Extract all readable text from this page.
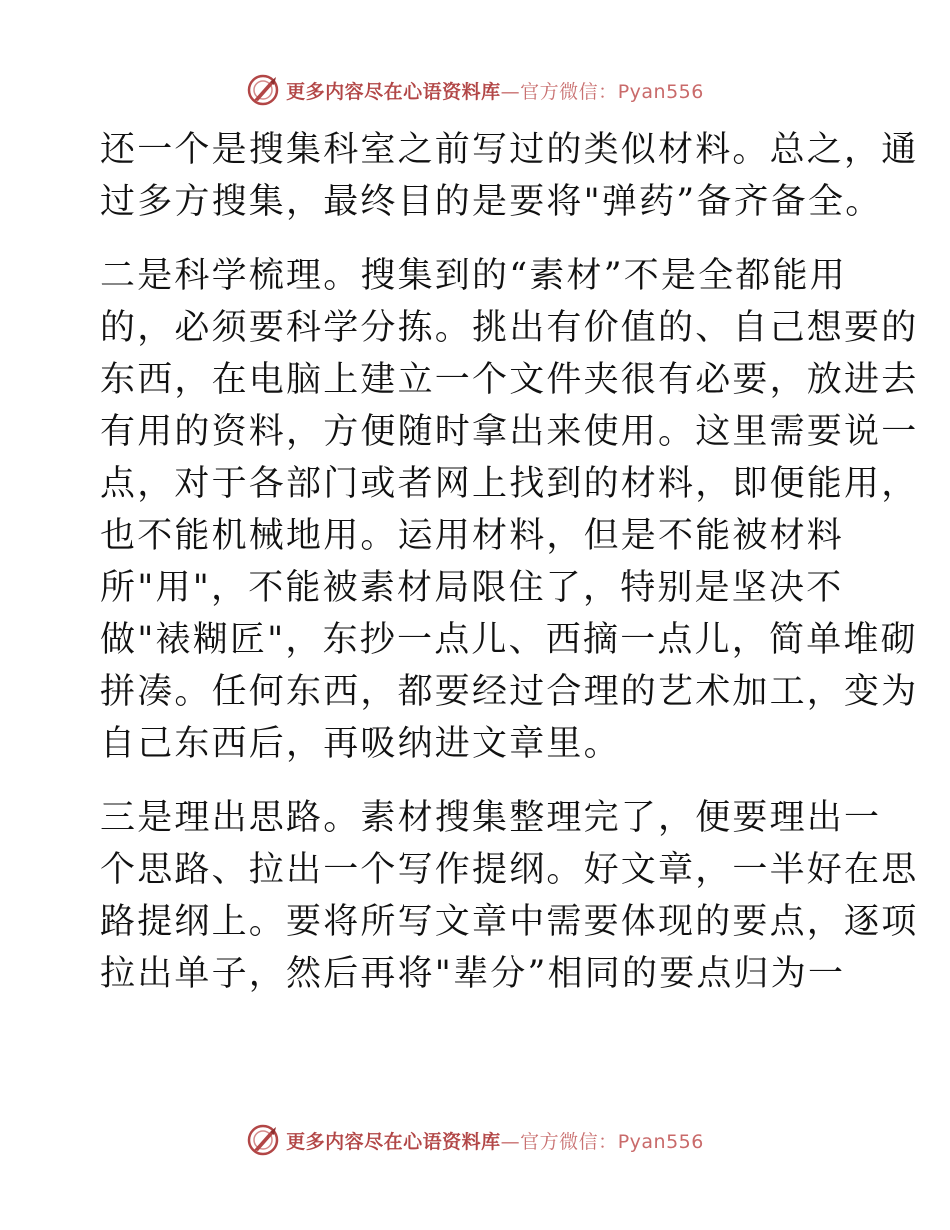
更多内容尽在心语资料库—官方微信：Pyan556
还一个是搜集科室之前写过的类似材料。总之，通
过多方搜集，最终目的是要将"弹药”备齐备全。
二是科学梳理。搜集到的“素材”不是全都能用
的，必须要科学分拣。挑出有价值的、自己想要的
东西，在电脑上建立一个文件夹很有必要，放进去
有用的资料，方便随时拿出来使用。这里需要说一
点，对于各部门或者网上找到的材料，即便能用，
也不能机械地用。运用材料，但是不能被材料
所"用"，不能被素材局限住了，特别是坚决不
做"裱糊匠"，东抄一点儿、西摘一点儿，简单堆砌
拼凑。任何东西，都要经过合理的艺术加工，变为
自己东西后，再吸纳进文章里。
三是理出思路。素材搜集整理完了，便要理出一
个思路、拉出一个写作提纲。好文章，一半好在思
路提纲上。要将所写文章中需要体现的要点，逐项
拉出单子，然后再将"辈分”相同的要点归为一
更多内容尽在心语资料库—官方微信：Pyan556
